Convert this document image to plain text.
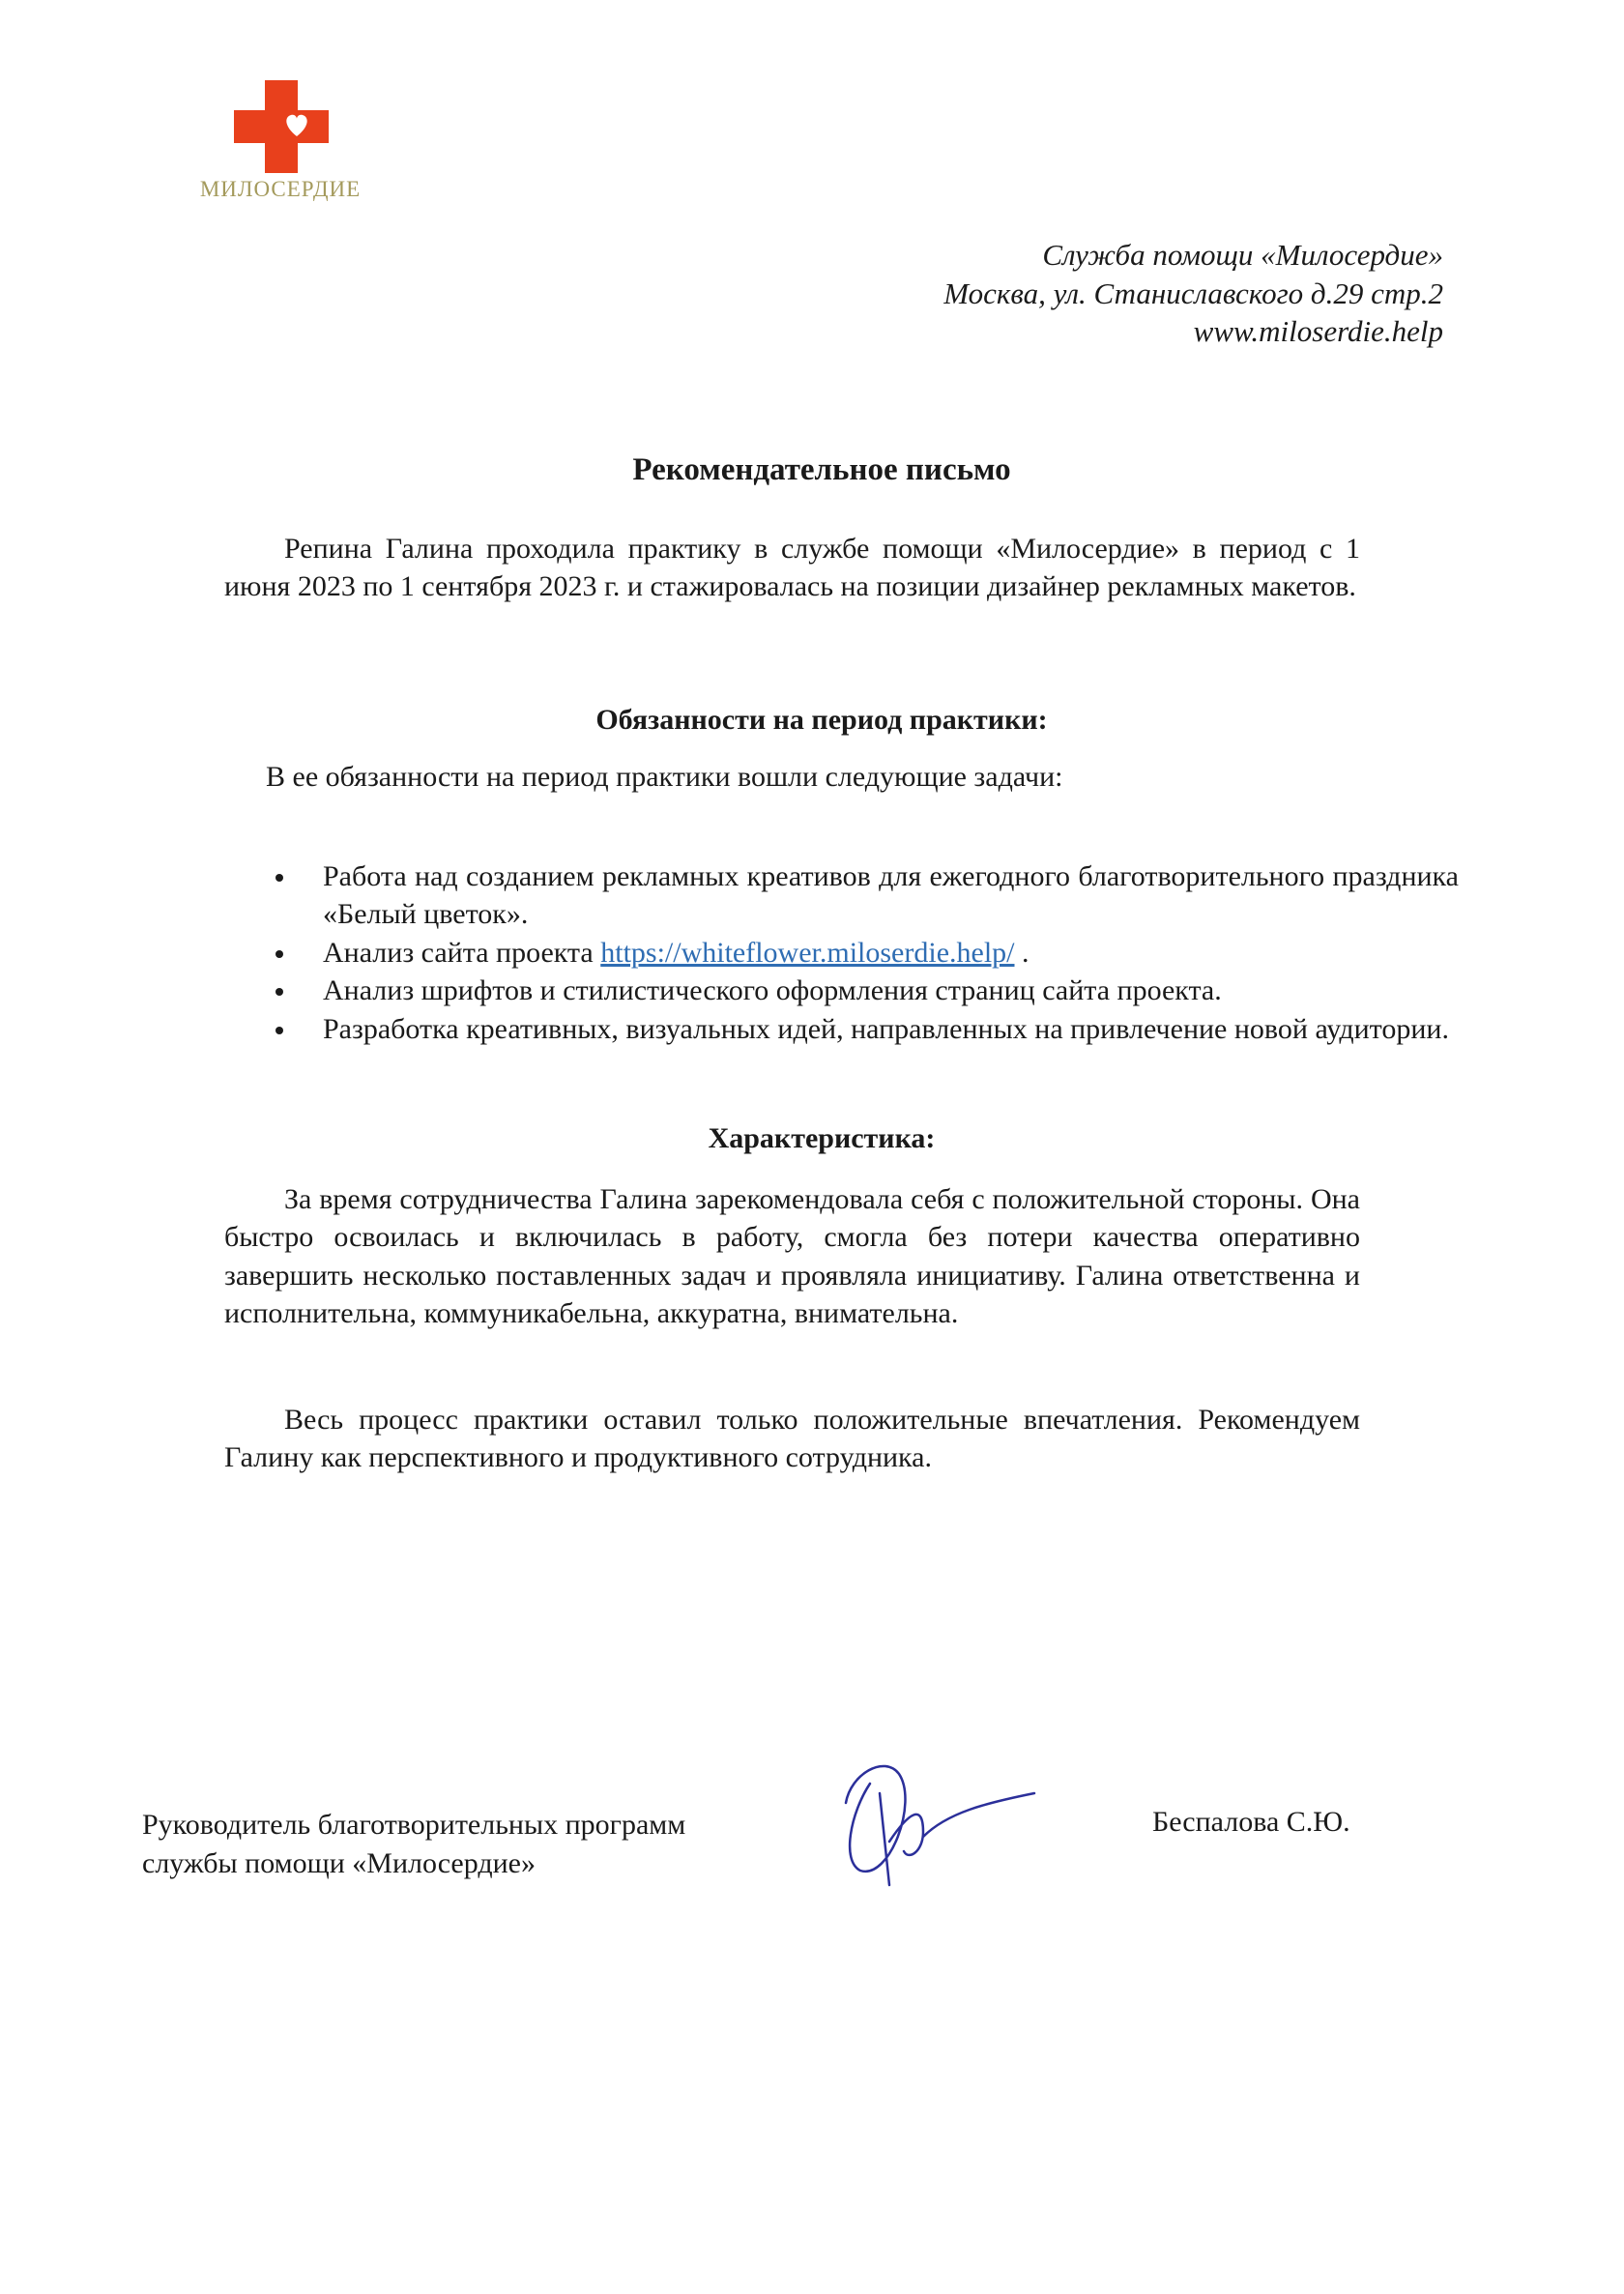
МИЛОСЕРДИЕ
Служба помощи «Милосердие»
Москва, ул. Станиславского д.29 стр.2
www.miloserdie.help
Рекомендательное письмо

Репина Галина проходила практику в службе помощи «Милосердие» в период с 1 июня 2023 по 1 сентября 2023 г. и стажировалась на позиции дизайнер рекламных макетов.

Обязанности на период практики:
В ее обязанности на период практики вошли следующие задачи:
Работа над созданием рекламных креативов для ежегодного благотворительного праздника «Белый цветок».
Анализ сайта проекта https://whiteflower.miloserdie.help/ .
Анализ шрифтов и стилистического оформления страниц сайта проекта.
Разработка креативных, визуальных идей, направленных на привлечение новой аудитории.
Характеристика:

За время сотрудничества Галина зарекомендовала себя с положительной стороны. Она быстро освоилась и включилась в работу, смогла без потери качества оперативно завершить несколько поставленных задач и проявляла инициативу. Галина ответственна и исполнительна, коммуникабельна, аккуратна, внимательна.

Весь процесс практики оставил только положительные впечатления. Рекомендуем Галину как перспективного и продуктивного сотрудника.

Руководитель благотворительных программ
службы помощи «Милосердие»
Беспалова С.Ю.
